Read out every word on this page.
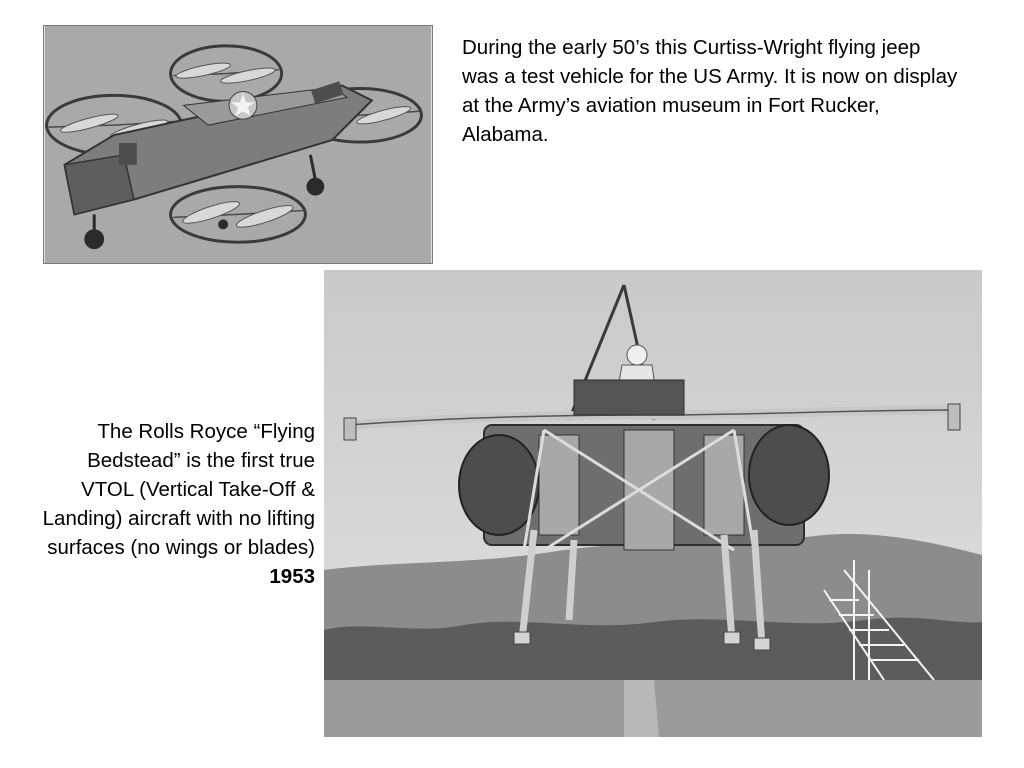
During the early 50’s this Curtiss-Wright flying jeep was a test vehicle for the US Army. It is now on display at the Army’s aviation museum in Fort Rucker, Alabama.
The Rolls Royce “Flying Bedstead” is the first true VTOL (Vertical Take-Off & Landing) aircraft with no lifting surfaces (no wings or blades)
1953
